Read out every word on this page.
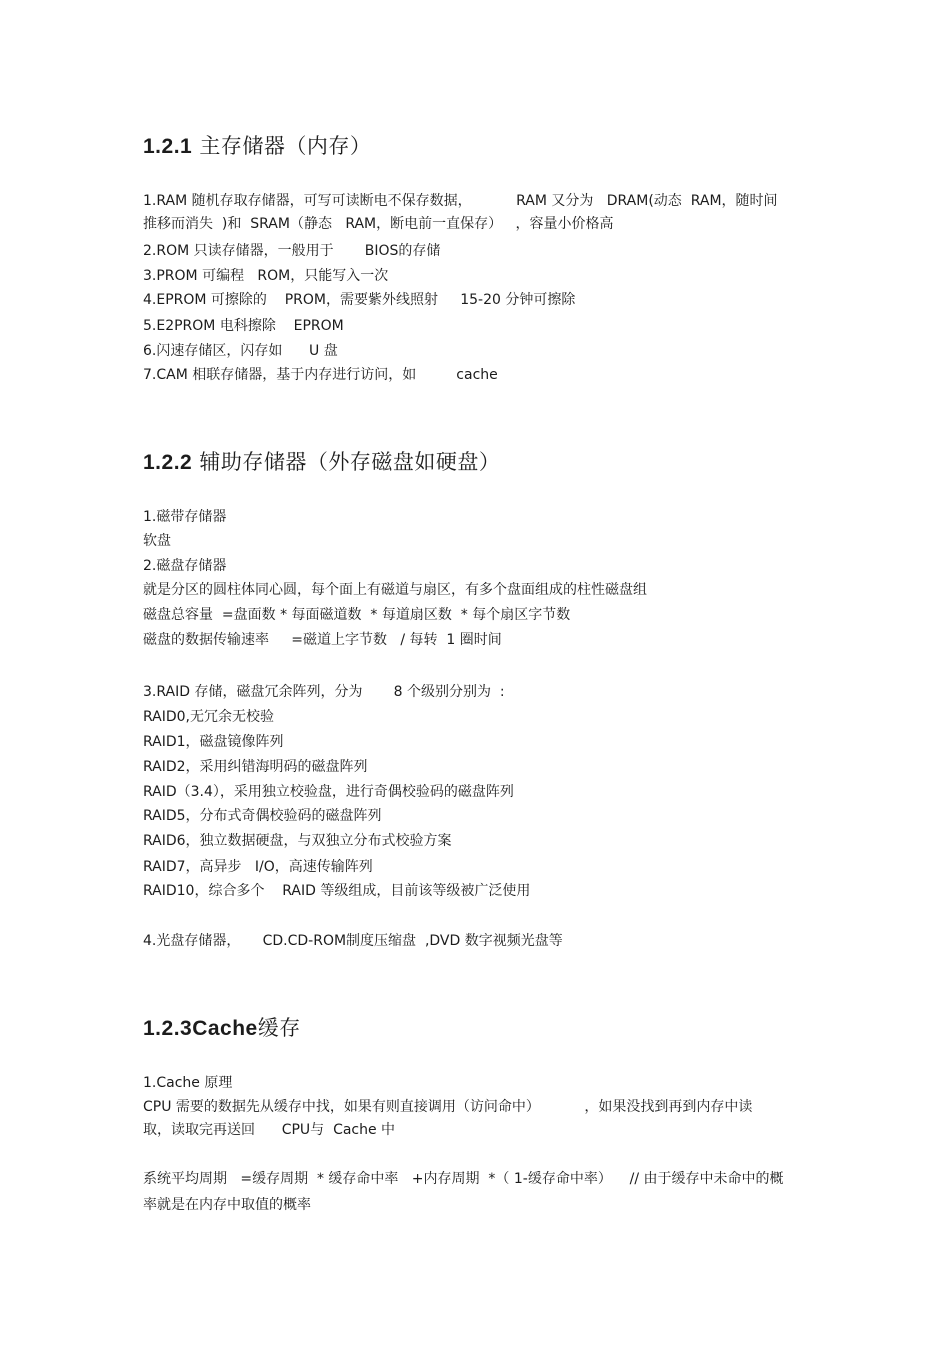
1.2.1 主存储器（内存）

1.RAM 随机存取存储器，可写可读断电不保存数据，          RAM 又分为   DRAM(动态  RAM，随时间

推移而消失  )和  SRAM（静态   RAM，断电前一直保存）   ，容量小价格高

2.ROM 只读存储器，一般用于       BIOS的存储

3.PROM 可编程   ROM，只能写入一次

4.EPROM 可擦除的    PROM，需要紫外线照射     15-20 分钟可擦除

5.E2PROM 电科擦除    EPROM

6.闪速存储区，闪存如      U 盘

7.CAM 相联存储器，基于内存进行访问，如         cache

1.2.2 辅助存储器（外存磁盘如硬盘）

1.磁带存储器

软盘

2.磁盘存储器

就是分区的圆柱体同心圆，每个面上有磁道与扇区，有多个盘面组成的柱性磁盘组

磁盘总容量  =盘面数 * 每面磁道数  * 每道扇区数  * 每个扇区字节数

磁盘的数据传输速率     =磁道上字节数   / 每转  1 圈时间

3.RAID 存储，磁盘冗余阵列，分为       8 个级别分别为  :

RAID0,无冗余无校验

RAID1，磁盘镜像阵列

RAID2，采用纠错海明码的磁盘阵列

RAID（3.4），采用独立校验盘，进行奇偶校验码的磁盘阵列

RAID5，分布式奇偶校验码的磁盘阵列

RAID6，独立数据硬盘，与双独立分布式校验方案

RAID7，高异步   I/O，高速传输阵列

RAID10，综合多个    RAID 等级组成，目前该等级被广泛使用

4.光盘存储器，     CD.CD-ROM制度压缩盘  ,DVD 数字视频光盘等

1.2.3Cache缓存

1.Cache 原理

CPU 需要的数据先从缓存中找，如果有则直接调用（访问命中）          ，如果没找到再到内存中读

取，读取完再送回      CPU与  Cache 中

系统平均周期   =缓存周期  * 缓存命中率   +内存周期  *（ 1-缓存命中率）    // 由于缓存中未命中的概

率就是在内存中取值的概率
